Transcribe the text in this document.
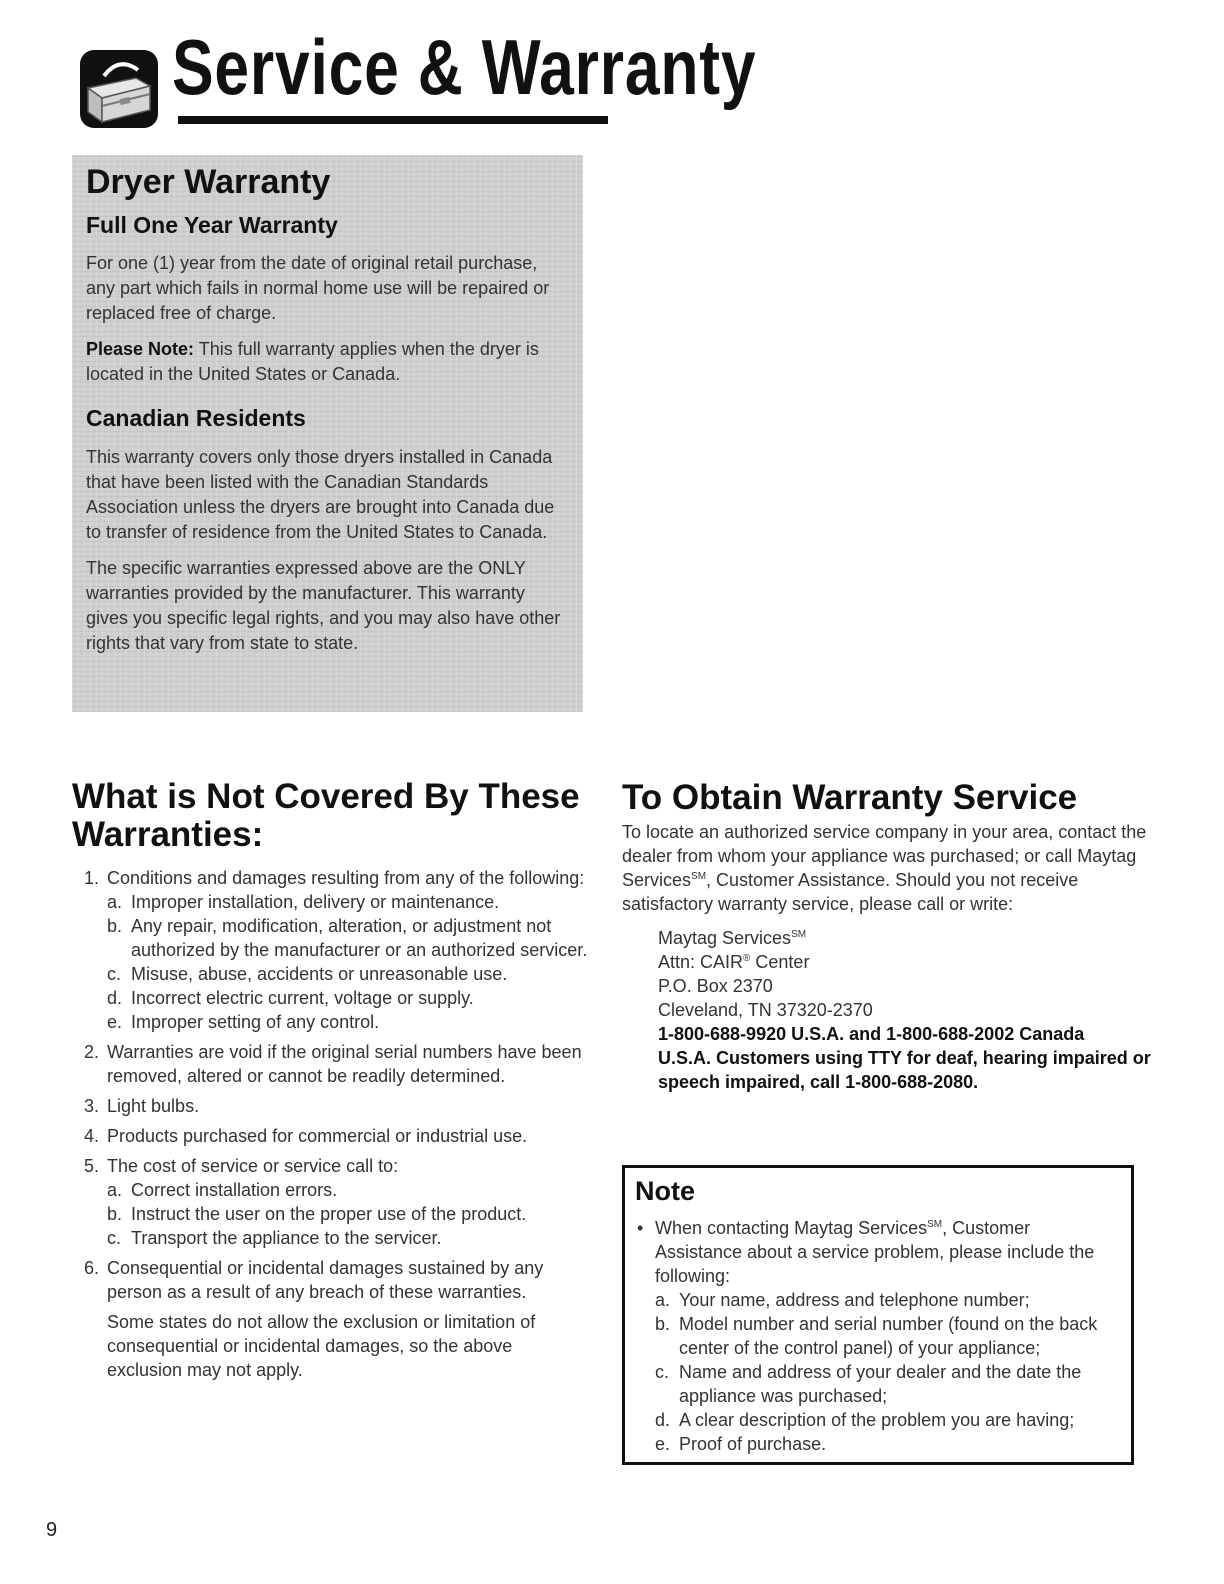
Service & Warranty
Dryer Warranty
Full One Year Warranty

For one (1) year from the date of original retail purchase, any part which fails in normal home use will be repaired or replaced free of charge.

Please Note: This full warranty applies when the dryer is located in the United States or Canada.

Canadian Residents

This warranty covers only those dryers installed in Canada that have been listed with the Canadian Standards Association unless the dryers are brought into Canada due to transfer of residence from the United States to Canada.

The specific warranties expressed above are the ONLY warranties provided by the manufacturer. This warranty gives you specific legal rights, and you may also have other rights that vary from state to state.

What is Not Covered By These Warranties:
1. Conditions and damages resulting from any of the following:
a. Improper installation, delivery or maintenance.
b. Any repair, modification, alteration, or adjustment not authorized by the manufacturer or an authorized servicer.
c. Misuse, abuse, accidents or unreasonable use.
d. Incorrect electric current, voltage or supply.
e. Improper setting of any control.
2. Warranties are void if the original serial numbers have been removed, altered or cannot be readily determined.
3. Light bulbs.
4. Products purchased for commercial or industrial use.
5. The cost of service or service call to:
a. Correct installation errors.
b. Instruct the user on the proper use of the product.
c. Transport the appliance to the servicer.
6. Consequential or incidental damages sustained by any person as a result of any breach of these warranties.
Some states do not allow the exclusion or limitation of consequential or incidental damages, so the above exclusion may not apply.
To Obtain Warranty Service

To locate an authorized service company in your area, contact the dealer from whom your appliance was purchased; or call Maytag Services℠, Customer Assistance. Should you not receive satisfactory warranty service, please call or write:

Maytag Services℠
Attn: CAIR® Center
P.O. Box 2370
Cleveland, TN 37320-2370
1-800-688-9920 U.S.A. and 1-800-688-2002 Canada
U.S.A. Customers using TTY for deaf, hearing impaired or speech impaired, call 1-800-688-2080.
Note
• When contacting Maytag Services℠, Customer Assistance about a service problem, please include the following:
a. Your name, address and telephone number;
b. Model number and serial number (found on the back center of the control panel) of your appliance;
c. Name and address of your dealer and the date the appliance was purchased;
d. A clear description of the problem you are having;
e. Proof of purchase.
9
